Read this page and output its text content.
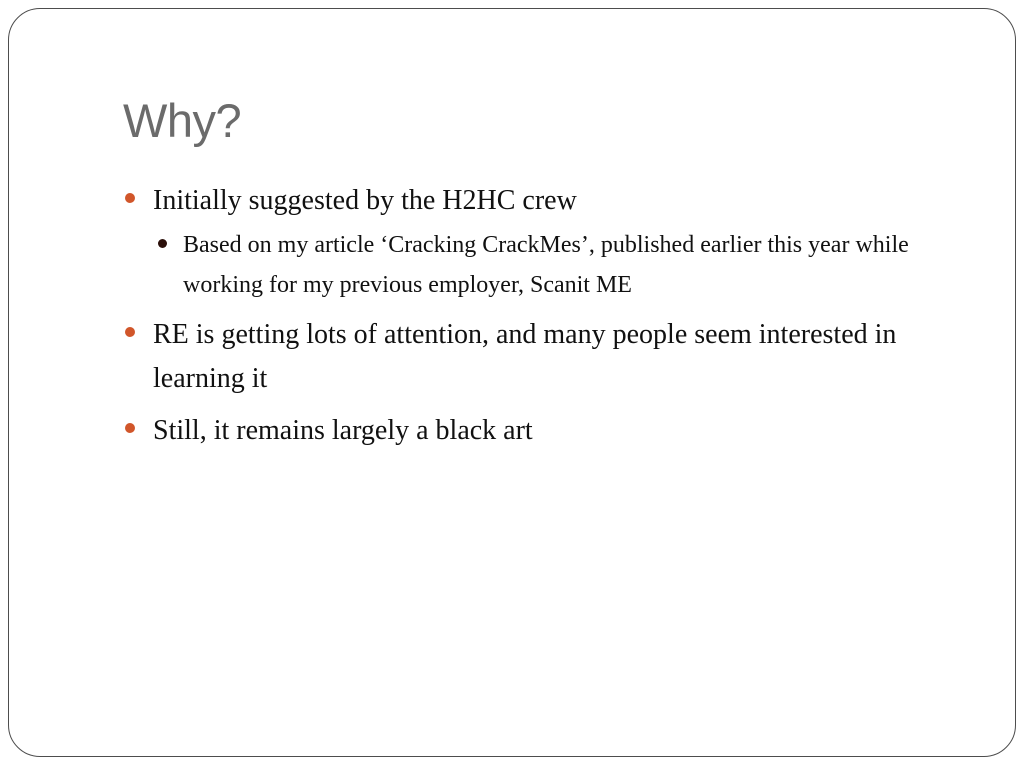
Why?
Initially suggested by the H2HC crew
Based on my article ‘Cracking CrackMes’, published earlier this year while working for my previous employer, Scanit ME
RE is getting lots of attention, and many people seem interested in learning it
Still, it remains largely a black art
